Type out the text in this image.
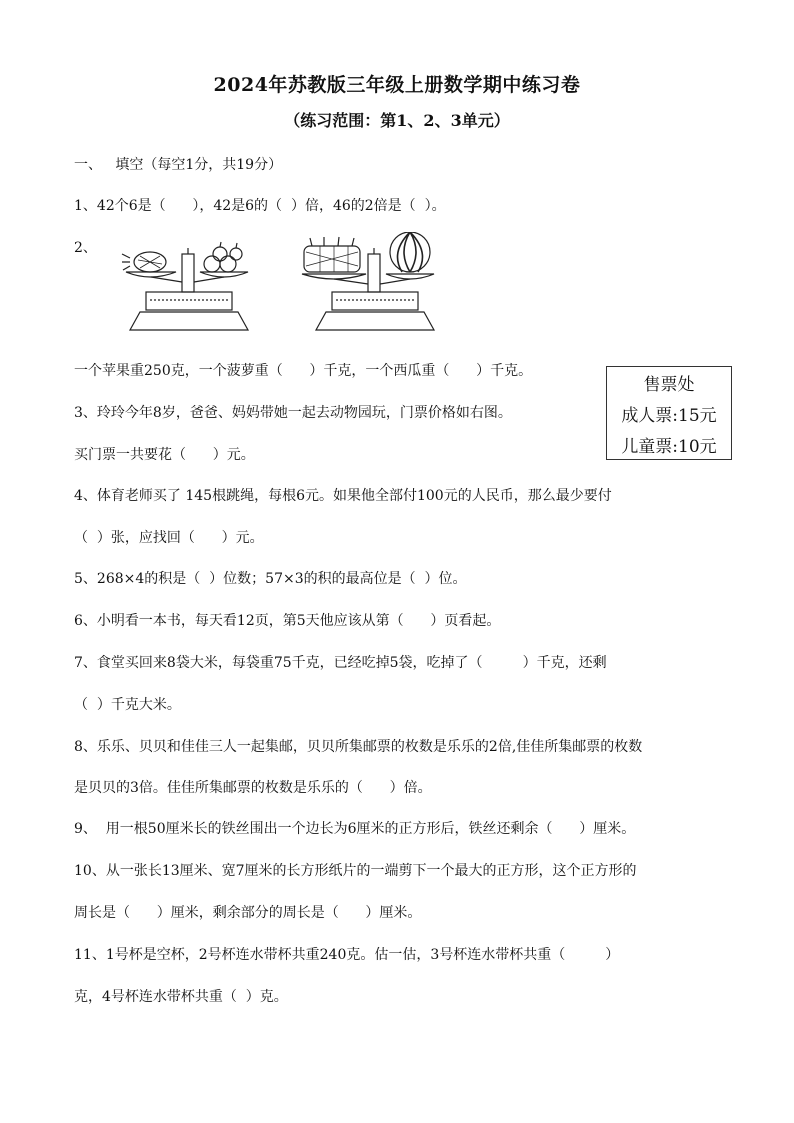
2024年苏教版三年级上册数学期中练习卷
（练习范围：第1、2、3单元）
一、   填空（每空1分，共19分）
1、42个6是（      ），42是6的（  ）倍，46的2倍是（  ）。
2、
一个苹果重250克，一个菠萝重（      ）千克，一个西瓜重（      ）千克。
3、玲玲今年8岁，爸爸、妈妈带她一起去动物园玩，门票价格如右图。
买门票一共要花（      ）元。
售票处
成人票:15元
儿童票:10元
4、体育老师买了 145根跳绳，每根6元。如果他全部付100元的人民币，那么最少要付
（  ）张，应找回（      ）元。
5、268×4的积是（  ）位数；57×3的积的最高位是（  ）位。
6、小明看一本书，每天看12页，第5天他应该从第（      ）页看起。
7、食堂买回来8袋大米，每袋重75千克，已经吃掉5袋，吃掉了（         ）千克，还剩
（  ）千克大米。
8、乐乐、贝贝和佳佳三人一起集邮，贝贝所集邮票的枚数是乐乐的2倍,佳佳所集邮票的枚数
是贝贝的3倍。佳佳所集邮票的枚数是乐乐的（      ）倍。
9、  用一根50厘米长的铁丝围出一个边长为6厘米的正方形后，铁丝还剩余（      ）厘米。
10、从一张长13厘米、宽7厘米的长方形纸片的一端剪下一个最大的正方形，这个正方形的
周长是（      ）厘米，剩余部分的周长是（      ）厘米。
11、1号杯是空杯，2号杯连水带杯共重240克。估一估，3号杯连水带杯共重（         ）
克，4号杯连水带杯共重（  ）克。
